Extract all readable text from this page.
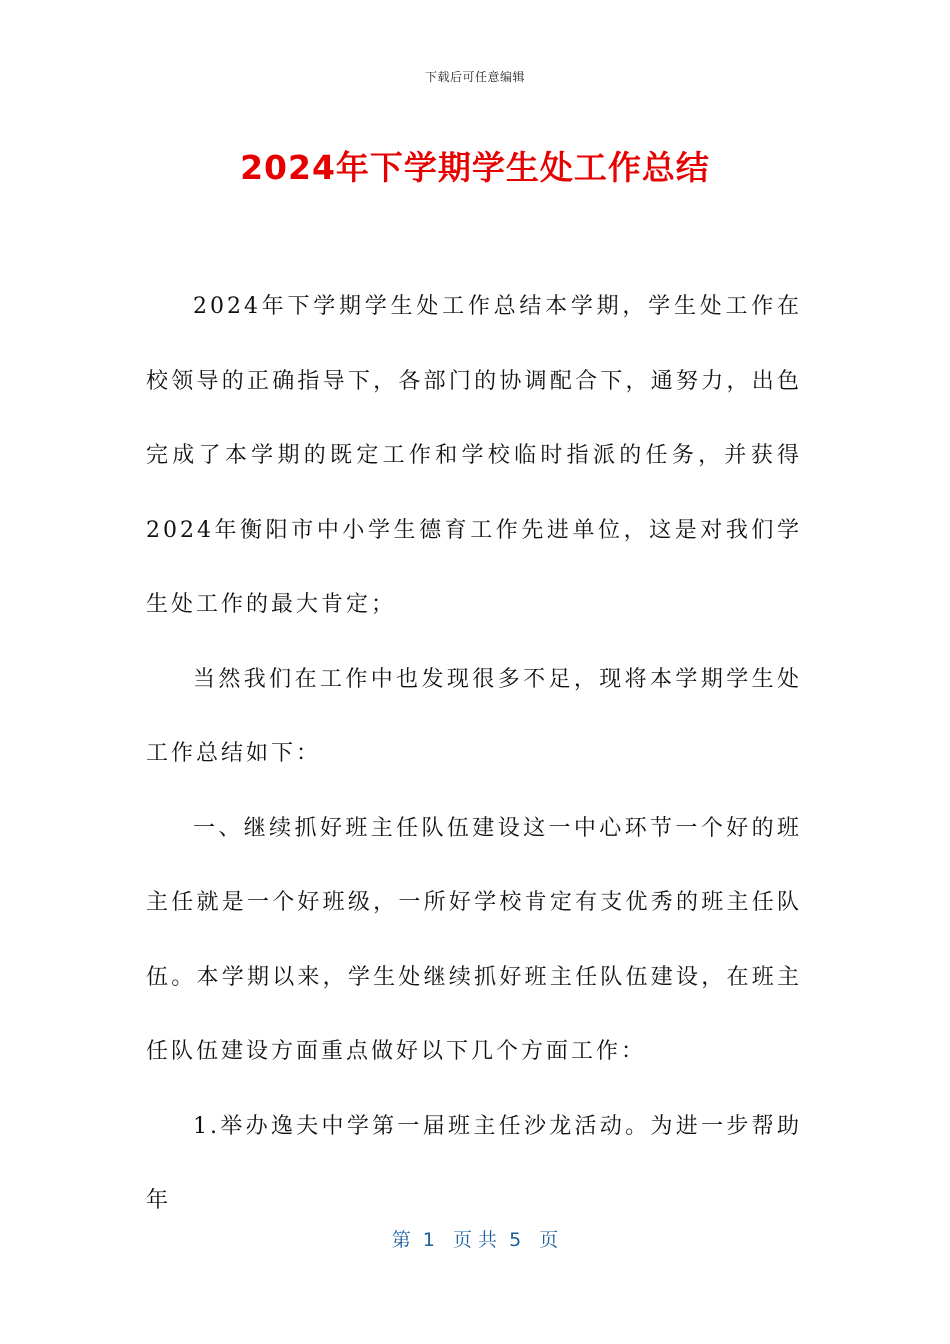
下载后可任意编辑
2024年下学期学生处工作总结

2024年下学期学生处工作总结本学期，学生处工作在校领导的正确指导下，各部门的协调配合下，通努力，出色完成了本学期的既定工作和学校临时指派的任务，并获得2024年衡阳市中小学生德育工作先进单位，这是对我们学生处工作的最大肯定；

当然我们在工作中也发现很多不足，现将本学期学生处工作总结如下：

一、继续抓好班主任队伍建设这一中心环节一个好的班主任就是一个好班级，一所好学校肯定有支优秀的班主任队伍。本学期以来，学生处继续抓好班主任队伍建设，在班主任队伍建设方面重点做好以下几个方面工作：

1.举办逸夫中学第一届班主任沙龙活动。为进一步帮助年

第  1   页 共  5   页
